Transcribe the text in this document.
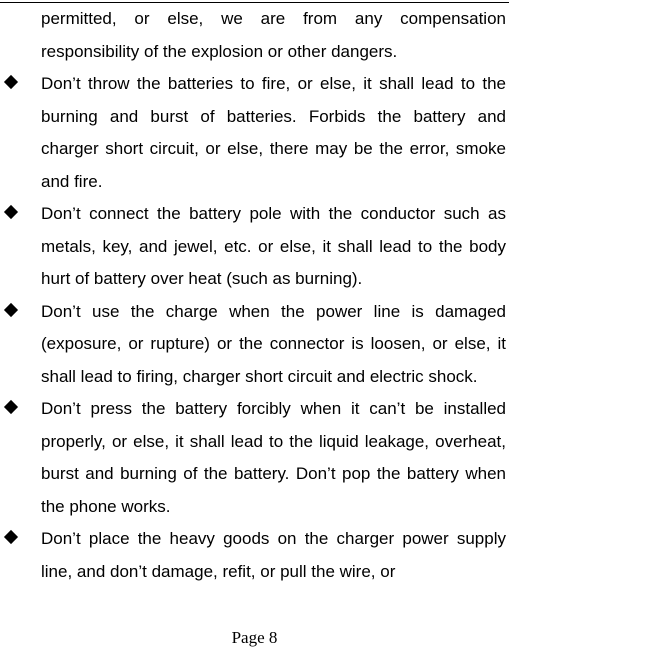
permitted, or else, we are from any compensation responsibility of the explosion or other dangers.
Don’t throw the batteries to fire, or else, it shall lead to the burning and burst of batteries. Forbids the battery and charger short circuit, or else, there may be the error, smoke and fire.
Don’t connect the battery pole with the conductor such as metals, key, and jewel, etc. or else, it shall lead to the body hurt of battery over heat (such as burning).
Don’t use the charge when the power line is damaged (exposure, or rupture) or the connector is loosen, or else, it shall lead to firing, charger short circuit and electric shock.
Don’t press the battery forcibly when it can’t be installed properly, or else, it shall lead to the liquid leakage, overheat, burst and burning of the battery. Don’t pop the battery when the phone works.
Don’t place the heavy goods on the charger power supply line, and don’t damage, refit, or pull the wire, or
Page 8
